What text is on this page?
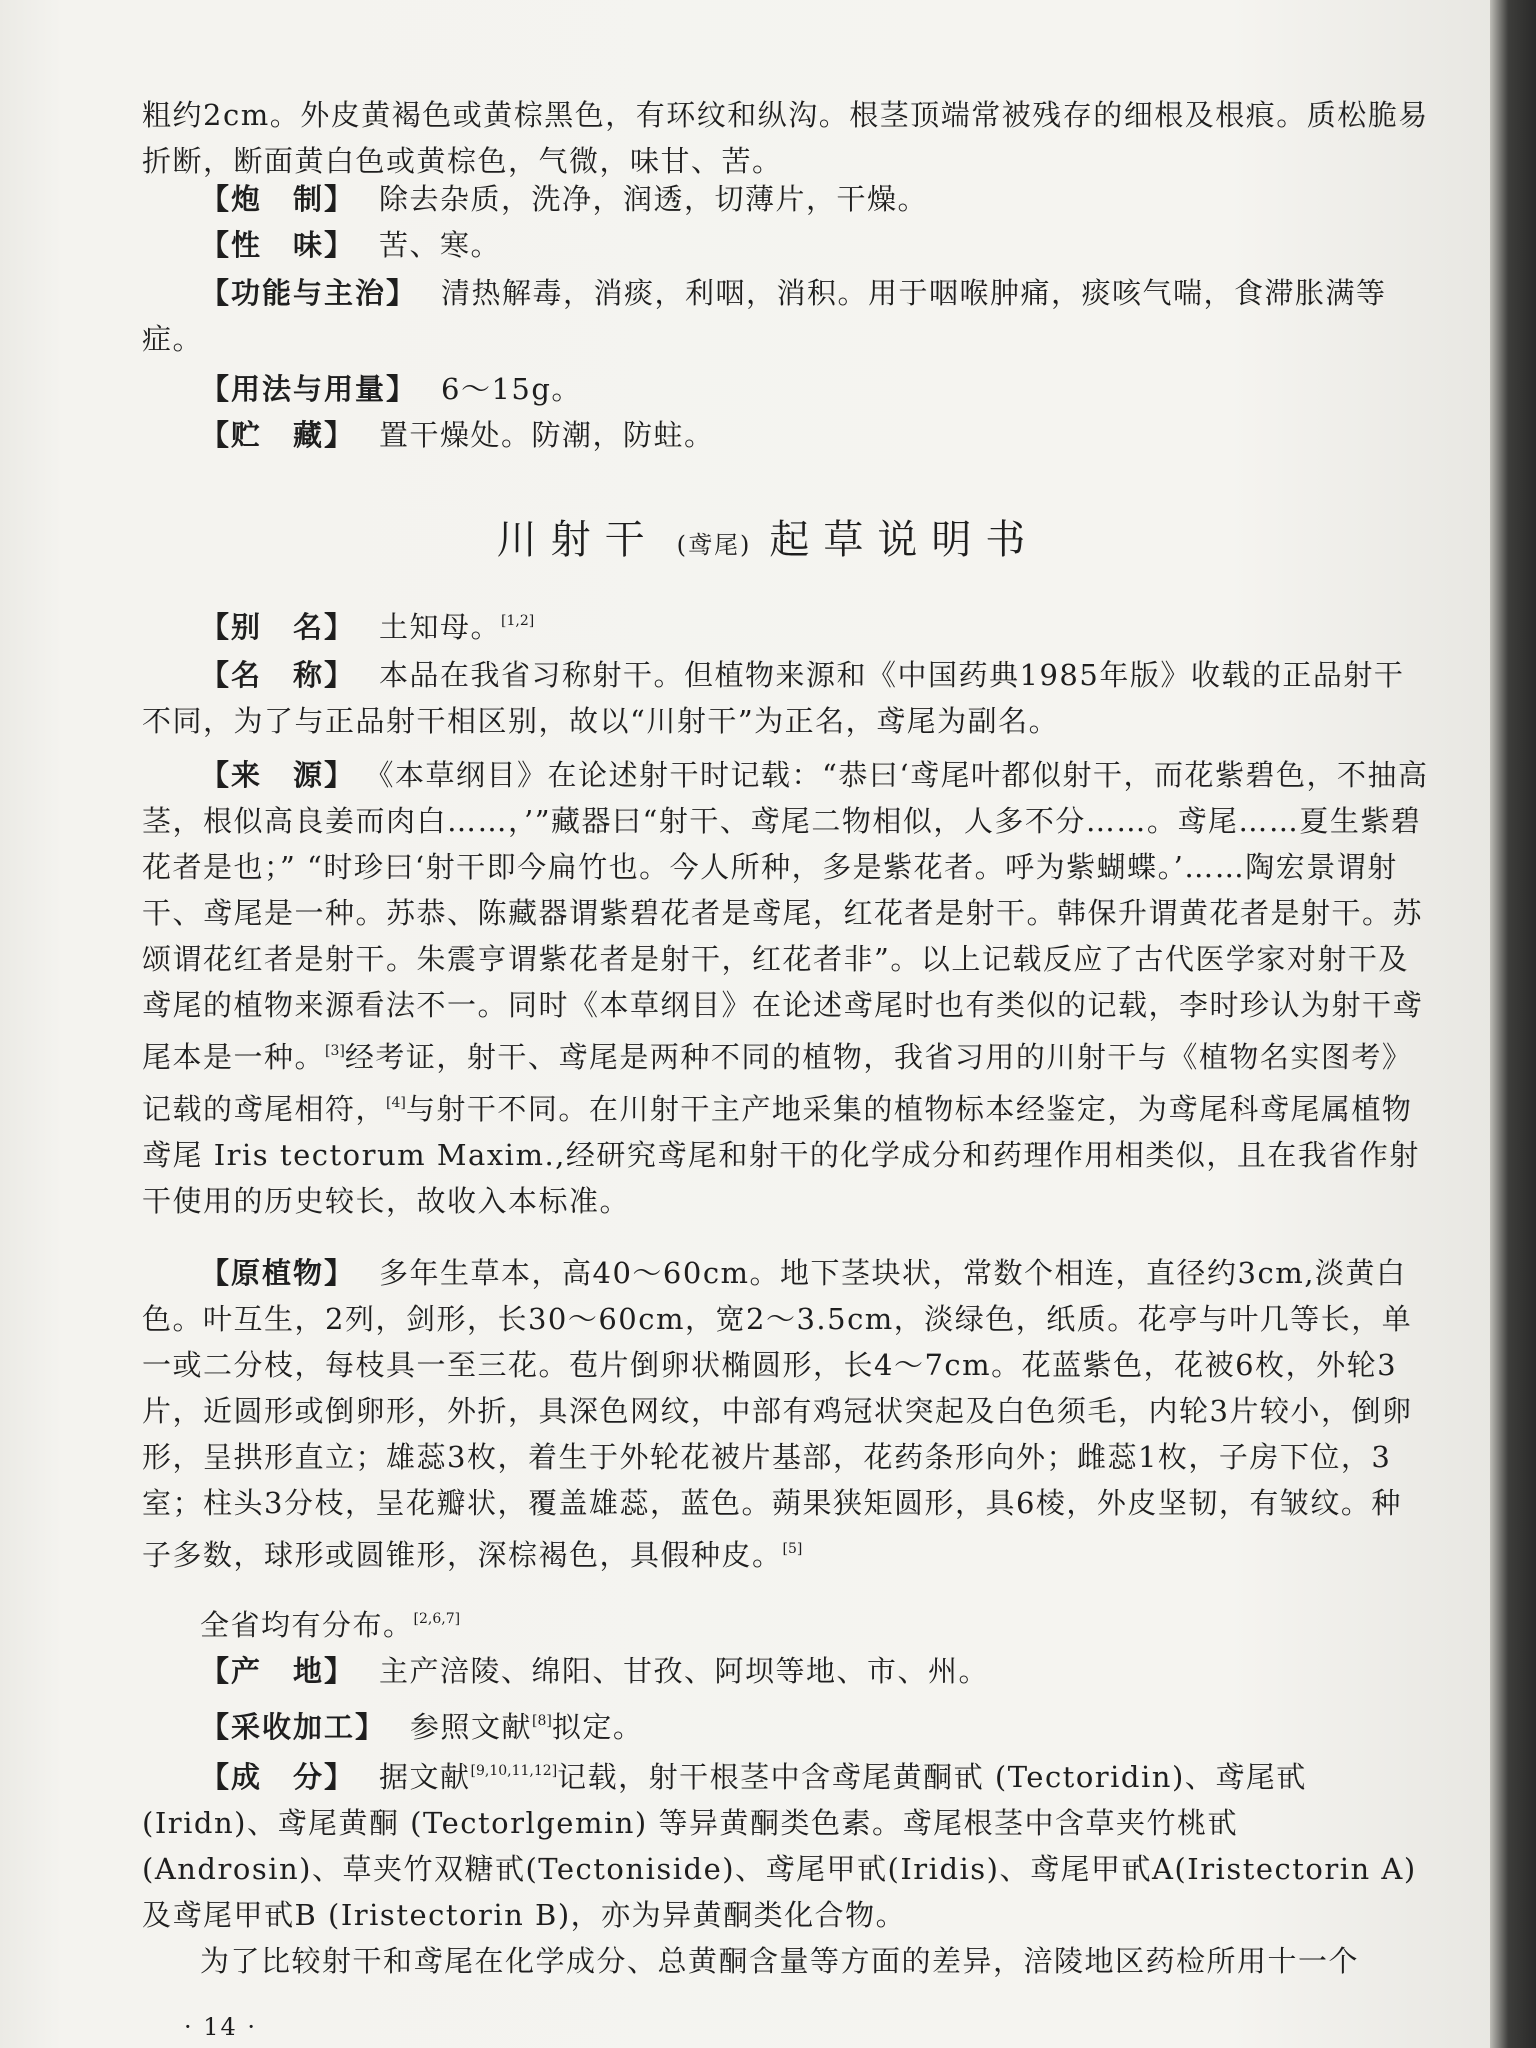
粗约2cm。外皮黄褐色或黄棕黑色，有环纹和纵沟。根茎顶端常被残存的细根及根痕。质松脆易折断，断面黄白色或黄棕色，气微，味甘、苦。

【炮　制】 除去杂质，洗净，润透，切薄片，干燥。

【性　味】 苦、寒。

【功能与主治】 清热解毒，消痰，利咽，消积。用于咽喉肿痛，痰咳气喘，食滞胀满等症。

【用法与用量】 6～15g。

【贮　藏】 置干燥处。防潮，防蛀。

川射干 (鸢尾) 起草说明书

【别　名】 土知母。[1,2]

【名　称】 本品在我省习称射干。但植物来源和《中国药典1985年版》收载的正品射干不同，为了与正品射干相区别，故以“川射干”为正名，鸢尾为副名。

【来　源】 《本草纲目》在论述射干时记载：“恭曰‘鸢尾叶都似射干，而花紫碧色，不抽高茎，根似高良姜而肉白……，’”藏器曰“射干、鸢尾二物相似，人多不分……。鸢尾……夏生紫碧花者是也；” “时珍曰‘射干即今扁竹也。今人所种，多是紫花者。呼为紫蝴蝶。’……陶宏景谓射干、鸢尾是一种。苏恭、陈藏器谓紫碧花者是鸢尾，红花者是射干。韩保升谓黄花者是射干。苏颂谓花红者是射干。朱震亨谓紫花者是射干，红花者非”。以上记载反应了古代医学家对射干及鸢尾的植物来源看法不一。同时《本草纲目》在论述鸢尾时也有类似的记载，李时珍认为射干鸢尾本是一种。[3]经考证，射干、鸢尾是两种不同的植物，我省习用的川射干与《植物名实图考》记载的鸢尾相符，[4]与射干不同。在川射干主产地采集的植物标本经鉴定，为鸢尾科鸢尾属植物鸢尾 Iris tectorum Maxim.,经研究鸢尾和射干的化学成分和药理作用相类似，且在我省作射干使用的历史较长，故收入本标准。

【原植物】 多年生草本，高40～60cm。地下茎块状，常数个相连，直径约3cm,淡黄白色。叶互生，2列，剑形，长30～60cm，宽2～3.5cm，淡绿色，纸质。花亭与叶几等长，单一或二分枝，每枝具一至三花。苞片倒卵状椭圆形，长4～7cm。花蓝紫色，花被6枚，外轮3片，近圆形或倒卵形，外折，具深色网纹，中部有鸡冠状突起及白色须毛，内轮3片较小，倒卵形，呈拱形直立；雄蕊3枚，着生于外轮花被片基部，花药条形向外；雌蕊1枚，子房下位，3室；柱头3分枝，呈花瓣状，覆盖雄蕊，蓝色。蒴果狭矩圆形，具6棱，外皮坚韧，有皱纹。种子多数，球形或圆锥形，深棕褐色，具假种皮。[5]

全省均有分布。[2,6,7]

【产　地】 主产涪陵、绵阳、甘孜、阿坝等地、市、州。

【采收加工】 参照文献[8]拟定。

【成　分】 据文献[9,10,11,12]记载，射干根茎中含鸢尾黄酮甙 (Tectoridin)、鸢尾甙 (Iridn)、鸢尾黄酮 (Tectorlgemin) 等异黄酮类色素。鸢尾根茎中含草夹竹桃甙(Androsin)、草夹竹双糖甙(Tectoniside)、鸢尾甲甙(Iridis)、鸢尾甲甙A(Iristectorin A)及鸢尾甲甙B (Iristectorin B)，亦为异黄酮类化合物。

为了比较射干和鸢尾在化学成分、总黄酮含量等方面的差异，涪陵地区药检所用十一个

· 14 ·
